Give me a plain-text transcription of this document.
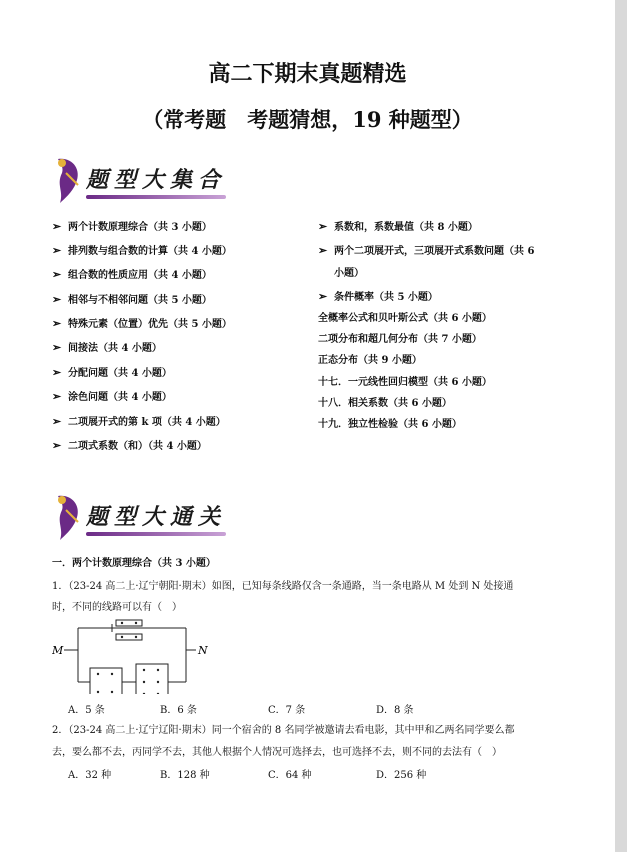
高二下期末真题精选
（常考题　考题猜想，19 种题型）
题型大集合
➢ 两个计数原理综合（共 3 小题）
➢ 排列数与组合数的计算（共 4 小题）
➢ 组合数的性质应用（共 4 小题）
➢ 相邻与不相邻问题（共 5 小题）
➢ 特殊元素（位置）优先（共 5 小题）
➢ 间接法（共 4 小题）
➢ 分配问题（共 4 小题）
➢ 涂色问题（共 4 小题）
➢ 二项展开式的第 k 项（共 4 小题）
➢ 二项式系数（和）（共 4 小题）
➢ 系数和，系数最值（共 8 小题）
➢ 两个二项展开式，三项展开式系数问题（共 6
小题）
➢ 条件概率（共 5 小题）
全概率公式和贝叶斯公式（共 6 小题）
二项分布和超几何分布（共 7 小题）
正态分布（共 9 小题）
十七．一元线性回归模型（共 6 小题）
十八．相关系数（共 6 小题）
十九．独立性检验（共 6 小题）
题型大通关
一．两个计数原理综合（共 3 小题）
1．（23-24 高二上·辽宁朝阳·期末）如图，已知每条线路仅含一条通路，当一条电路从 M 处到 N 处接通
时，不同的线路可以有（　）
M	N
A．5 条	B．6 条	C．7 条	D．8 条
2．（23-24 高二上·辽宁辽阳·期末）同一个宿舍的 8 名同学被邀请去看电影，其中甲和乙两名同学要么都
去，要么都不去，丙同学不去，其他人根据个人情况可选择去，也可选择不去，则不同的去法有（　）
A．32 种	B．128 种	C．64 种	D．256 种
